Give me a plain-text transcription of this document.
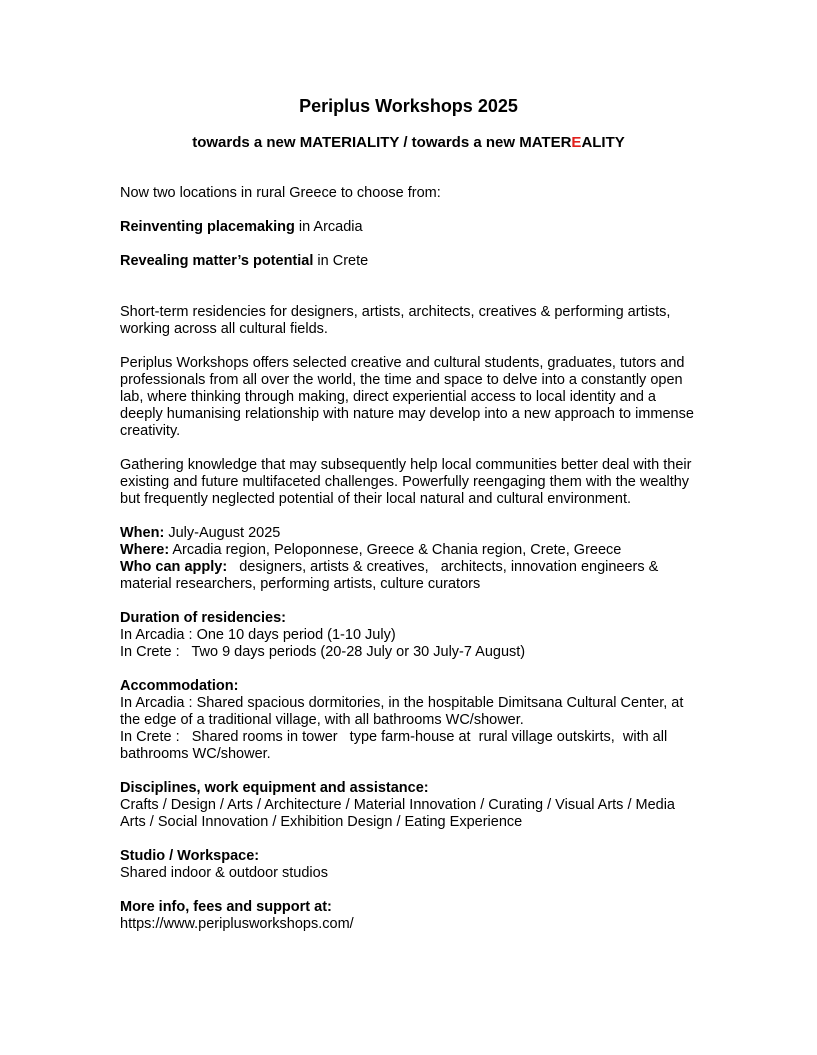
Periplus Workshops 2025
towards a new MATERIALITY / towards a new MATEREALITY

Now two locations in rural Greece to choose from:

Reinventing placemaking in Arcadia

Revealing matter’s potential in Crete

Short-term residencies for designers, artists, architects, creatives & performing artists,
working across all cultural fields.

Periplus Workshops offers selected creative and cultural students, graduates, tutors and
professionals from all over the world, the time and space to delve into a constantly open
lab, where thinking through making, direct experiential access to local identity and a
deeply humanising relationship with nature may develop into a new approach to immense
creativity.

Gathering knowledge that may subsequently help local communities better deal with their
existing and future multifaceted challenges. Powerfully reengaging them with the wealthy
but frequently neglected potential of their local natural and cultural environment.

When: July-August 2025

Where: Arcadia region, Peloponnese, Greece & Chania region, Crete, Greece

Who can apply:   designers, artists & creatives,   architects, innovation engineers &
material researchers, performing artists, culture curators

Duration of residencies:

In Arcadia : One 10 days period (1-10 July)

In Crete :   Two 9 days periods (20-28 July or 30 July-7 August)

Accommodation:

In Arcadia : Shared spacious dormitories, in the hospitable Dimitsana Cultural Center, at

the edge of a traditional village, with all bathrooms WC/shower.

In Crete :   Shared rooms in tower   type farm-house at  rural village outskirts,  with all

bathrooms WC/shower.

Disciplines, work equipment and assistance:

Crafts / Design / Arts / Architecture / Material Innovation / Curating / Visual Arts / Media

Arts / Social Innovation / Exhibition Design / Eating Experience

Studio / Workspace:

Shared indoor & outdoor studios

More info, fees and support at:

https://www.periplusworkshops.com/
